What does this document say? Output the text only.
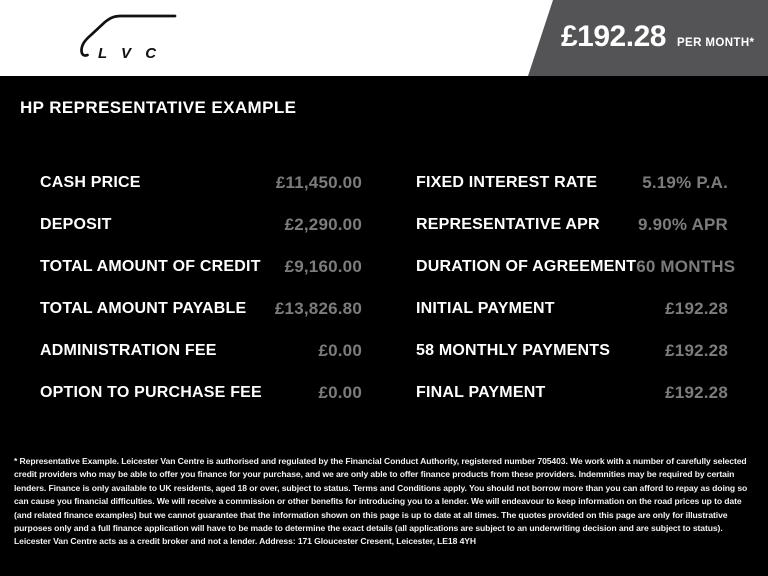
L V C
£192.28 PER MONTH*
HP REPRESENTATIVE EXAMPLE
CASH PRICE	£11,450.00
DEPOSIT	£2,290.00
TOTAL AMOUNT OF CREDIT £9,160.00
TOTAL AMOUNT PAYABLE £13,826.80
ADMINISTRATION FEE	£0.00
OPTION TO PURCHASE FEE	£0.00
FIXED INTEREST RATE	5.19% P.A.
REPRESENTATIVE APR 9.90% APR
DURATION OF AGREEMENT 60 MONTHS
INITIAL PAYMENT	£192.28
58 MONTHLY PAYMENTS	£192.28
FINAL PAYMENT	£192.28
* Representative Example. Leicester Van Centre is authorised and regulated by the Financial Conduct Authority, registered number 705403. We work with a number of carefully selected credit providers who may be able to offer you finance for your purchase, and we are only able to offer finance products from these providers. Indemnities may be required by certain lenders. Finance is only available to UK residents, aged 18 or over, subject to status. Terms and Conditions apply. You should not borrow more than you can afford to repay as doing so can cause you financial difficulties. We will receive a commission or other benefits for introducing you to a lender. We will endeavour to keep information on the road prices up to date (and related finance examples) but we cannot guarantee that the information shown on this page is up to date at all times. The quotes provided on this page are only for illustrative purposes only and a full finance application will have to be made to determine the exact details (all applications are subject to an underwriting decision and are subject to status). Leicester Van Centre acts as a credit broker and not a lender. Address: 171 Gloucester Cresent, Leicester, LE18 4YH
